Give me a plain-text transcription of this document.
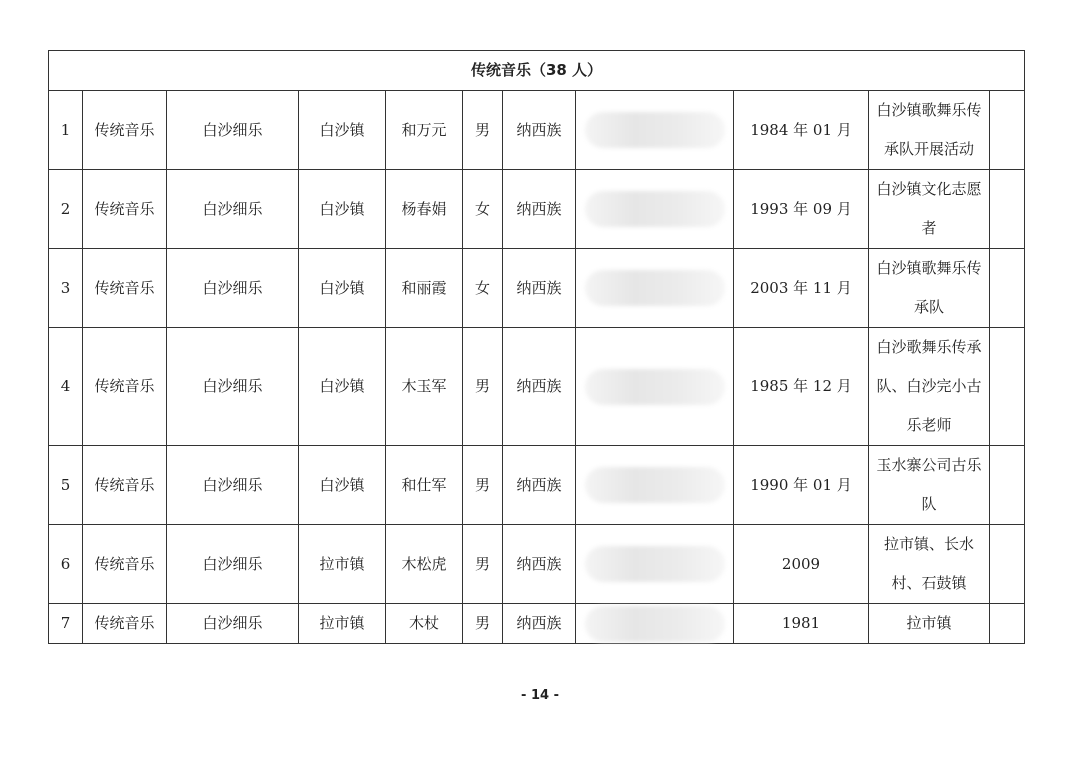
传统音乐（38 人）										
1	传统音乐	白沙细乐	白沙镇	和万元	男	纳西族		1984 年 01 月	白沙镇歌舞乐传承队开展活动	
2	传统音乐	白沙细乐	白沙镇	杨春娟	女	纳西族		1993 年 09 月	白沙镇文化志愿者	
3	传统音乐	白沙细乐	白沙镇	和丽霞	女	纳西族		2003 年 11 月	白沙镇歌舞乐传承队	
4	传统音乐	白沙细乐	白沙镇	木玉军	男	纳西族		1985 年 12 月	白沙歌舞乐传承队、白沙完小古乐老师	
5	传统音乐	白沙细乐	白沙镇	和仕军	男	纳西族		1990 年 01 月	玉水寨公司古乐队	
6	传统音乐	白沙细乐	拉市镇	木松虎	男	纳西族		2009	拉市镇、长水村、石鼓镇	
7	传统音乐	白沙细乐	拉市镇	木杖	男	纳西族		1981	拉市镇	
- 14 -
